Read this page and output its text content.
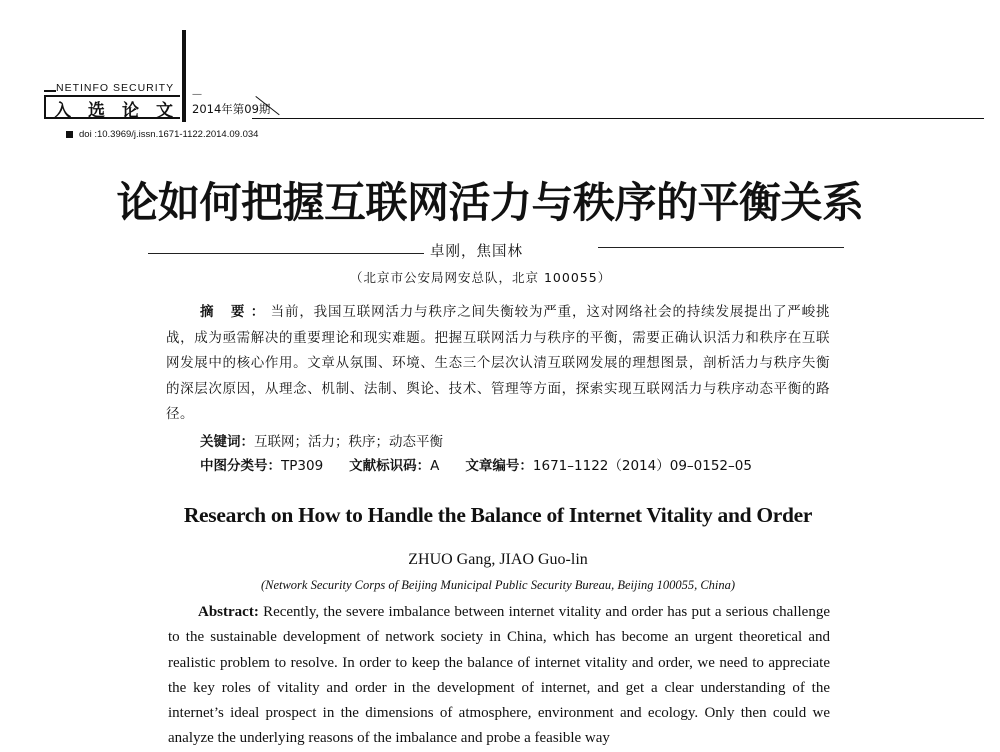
NETINFO SECURITY
入选论文
—
2014年第09期
doi :10.3969/j.issn.1671-1122.2014.09.034
论如何把握互联网活力与秩序的平衡关系
卓刚，焦国林
（北京市公安局网安总队，北京 100055）
摘 要：当前，我国互联网活力与秩序之间失衡较为严重，这对网络社会的持续发展提出了严峻挑战，成为亟需解决的重要理论和现实难题。把握互联网活力与秩序的平衡，需要正确认识活力和秩序在互联网发展中的核心作用。文章从氛围、环境、生态三个层次认清互联网发展的理想图景，剖析活力与秩序失衡的深层次原因，从理念、机制、法制、舆论、技术、管理等方面，探索实现互联网活力与秩序动态平衡的路径。
关键词：互联网；活力；秩序；动态平衡
中图分类号：TP309 文献标识码：A 文章编号：1671–1122（2014）09–0152–05
Research on How to Handle the Balance of Internet Vitality and Order
ZHUO Gang, JIAO Guo-lin
(Network Security Corps of Beijing Municipal Public Security Bureau, Beijing 100055, China)
Abstract: Recently, the severe imbalance between internet vitality and order has put a serious challenge to the sustainable development of network society in China, which has become an urgent theoretical and realistic problem to resolve. In order to keep the balance of internet vitality and order, we need to appreciate the key roles of vitality and order in the development of internet, and get a clear understanding of the internet’s ideal prospect in the dimensions of atmosphere, environment and ecology. Only then could we analyze the underlying reasons of the imbalance and probe a feasible way
